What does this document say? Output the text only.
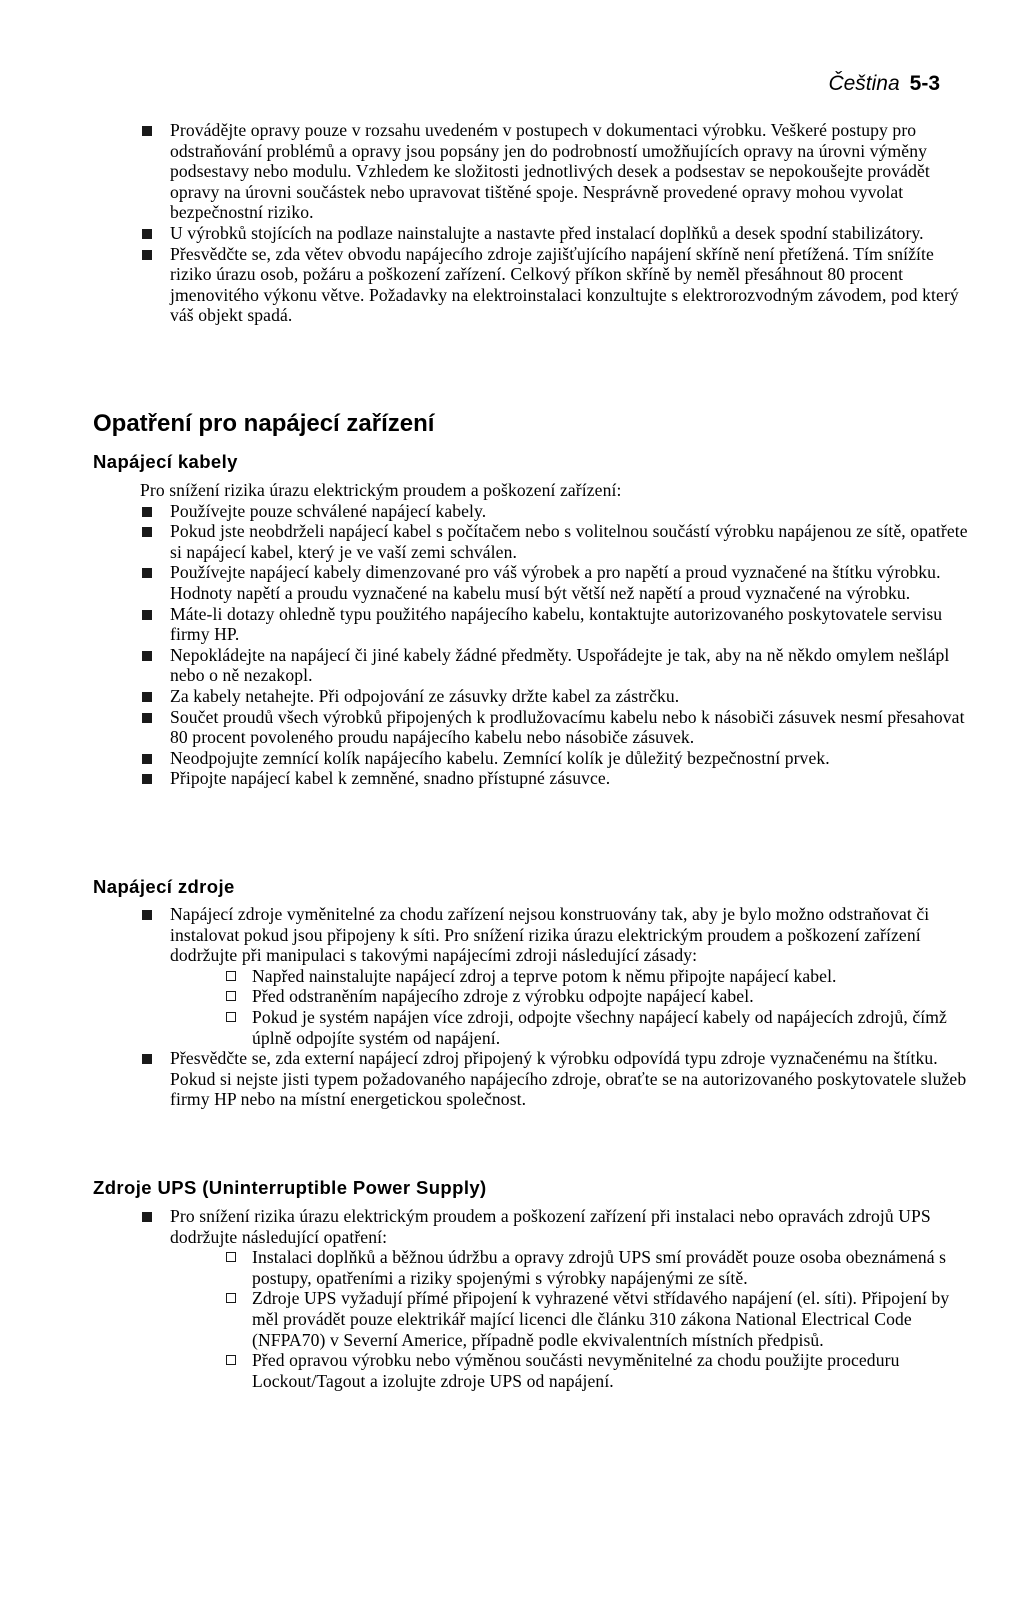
Čeština 5-3
Provádějte opravy pouze v rozsahu uvedeném v postupech v dokumentaci výrobku. Veškeré postupy pro odstraňování problémů a opravy jsou popsány jen do podrobností umožňujících opravy na úrovni výměny podsestavy nebo modulu. Vzhledem ke složitosti jednotlivých desek a podsestav se nepokoušejte provádět opravy na úrovni součástek nebo upravovat tištěné spoje. Nesprávně provedené opravy mohou vyvolat bezpečnostní riziko.
U výrobků stojících na podlaze nainstalujte a nastavte před instalací doplňků a desek spodní stabilizátory.
Přesvědčte se, zda větev obvodu napájecího zdroje zajišťujícího napájení skříně není přetížená. Tím snížíte riziko úrazu osob, požáru a poškození zařízení. Celkový příkon skříně by neměl přesáhnout 80 procent jmenovitého výkonu větve. Požadavky na elektroinstalaci konzultujte s elektrorozvodným závodem, pod který váš objekt spadá.
Opatření pro napájecí zařízení
Napájecí kabely

Pro snížení rizika úrazu elektrickým proudem a poškození zařízení:

Používejte pouze schválené napájecí kabely.
Pokud jste neobdrželi napájecí kabel s počítačem nebo s volitelnou součástí výrobku napájenou ze sítě, opatřete si napájecí kabel, který je ve vaší zemi schválen.
Používejte napájecí kabely dimenzované pro váš výrobek a pro napětí a proud vyznačené na štítku výrobku. Hodnoty napětí a proudu vyznačené na kabelu musí být větší než napětí a proud vyznačené na výrobku.
Máte-li dotazy ohledně typu použitého napájecího kabelu, kontaktujte autorizovaného poskytovatele servisu firmy HP.
Nepokládejte na napájecí či jiné kabely žádné předměty. Uspořádejte je tak, aby na ně někdo omylem nešlápl nebo o ně nezakopl.
Za kabely netahejte. Při odpojování ze zásuvky držte kabel za zástrčku.
Součet proudů všech výrobků připojených k prodlužovacímu kabelu nebo k násobiči zásuvek nesmí přesahovat 80 procent povoleného proudu napájecího kabelu nebo násobiče zásuvek.
Neodpojujte zemnící kolík napájecího kabelu. Zemnící kolík je důležitý bezpečnostní prvek.
Připojte napájecí kabel k zemněné, snadno přístupné zásuvce.
Napájecí zdroje
Napájecí zdroje vyměnitelné za chodu zařízení nejsou konstruovány tak, aby je bylo možno odstraňovat či instalovat pokud jsou připojeny k síti. Pro snížení rizika úrazu elektrickým proudem a poškození zařízení dodržujte při manipulaci s takovými napájecími zdroji následující zásady:
Napřed nainstalujte napájecí zdroj a teprve potom k němu připojte napájecí kabel.
Před odstraněním napájecího zdroje z výrobku odpojte napájecí kabel.
Pokud je systém napájen více zdroji, odpojte všechny napájecí kabely od napájecích zdrojů, čímž úplně odpojíte systém od napájení.
Přesvědčte se, zda externí napájecí zdroj připojený k výrobku odpovídá typu zdroje vyznačenému na štítku. Pokud si nejste jisti typem požadovaného napájecího zdroje, obraťte se na autorizovaného poskytovatele služeb firmy HP nebo na místní energetickou společnost.
Zdroje UPS (Uninterruptible Power Supply)
Pro snížení rizika úrazu elektrickým proudem a poškození zařízení při instalaci nebo opravách zdrojů UPS dodržujte následující opatření:
Instalaci doplňků a běžnou údržbu a opravy zdrojů UPS smí provádět pouze osoba obeznámená s postupy, opatřeními a riziky spojenými s výrobky napájenými ze sítě.
Zdroje UPS vyžadují přímé připojení k vyhrazené větvi střídavého napájení (el. síti). Připojení by měl provádět pouze elektrikář mající licenci dle článku 310 zákona National Electrical Code (NFPA70) v Severní Americe, případně podle ekvivalentních místních předpisů.
Před opravou výrobku nebo výměnou součásti nevyměnitelné za chodu použijte proceduru Lockout/Tagout a izolujte zdroje UPS od napájení.
